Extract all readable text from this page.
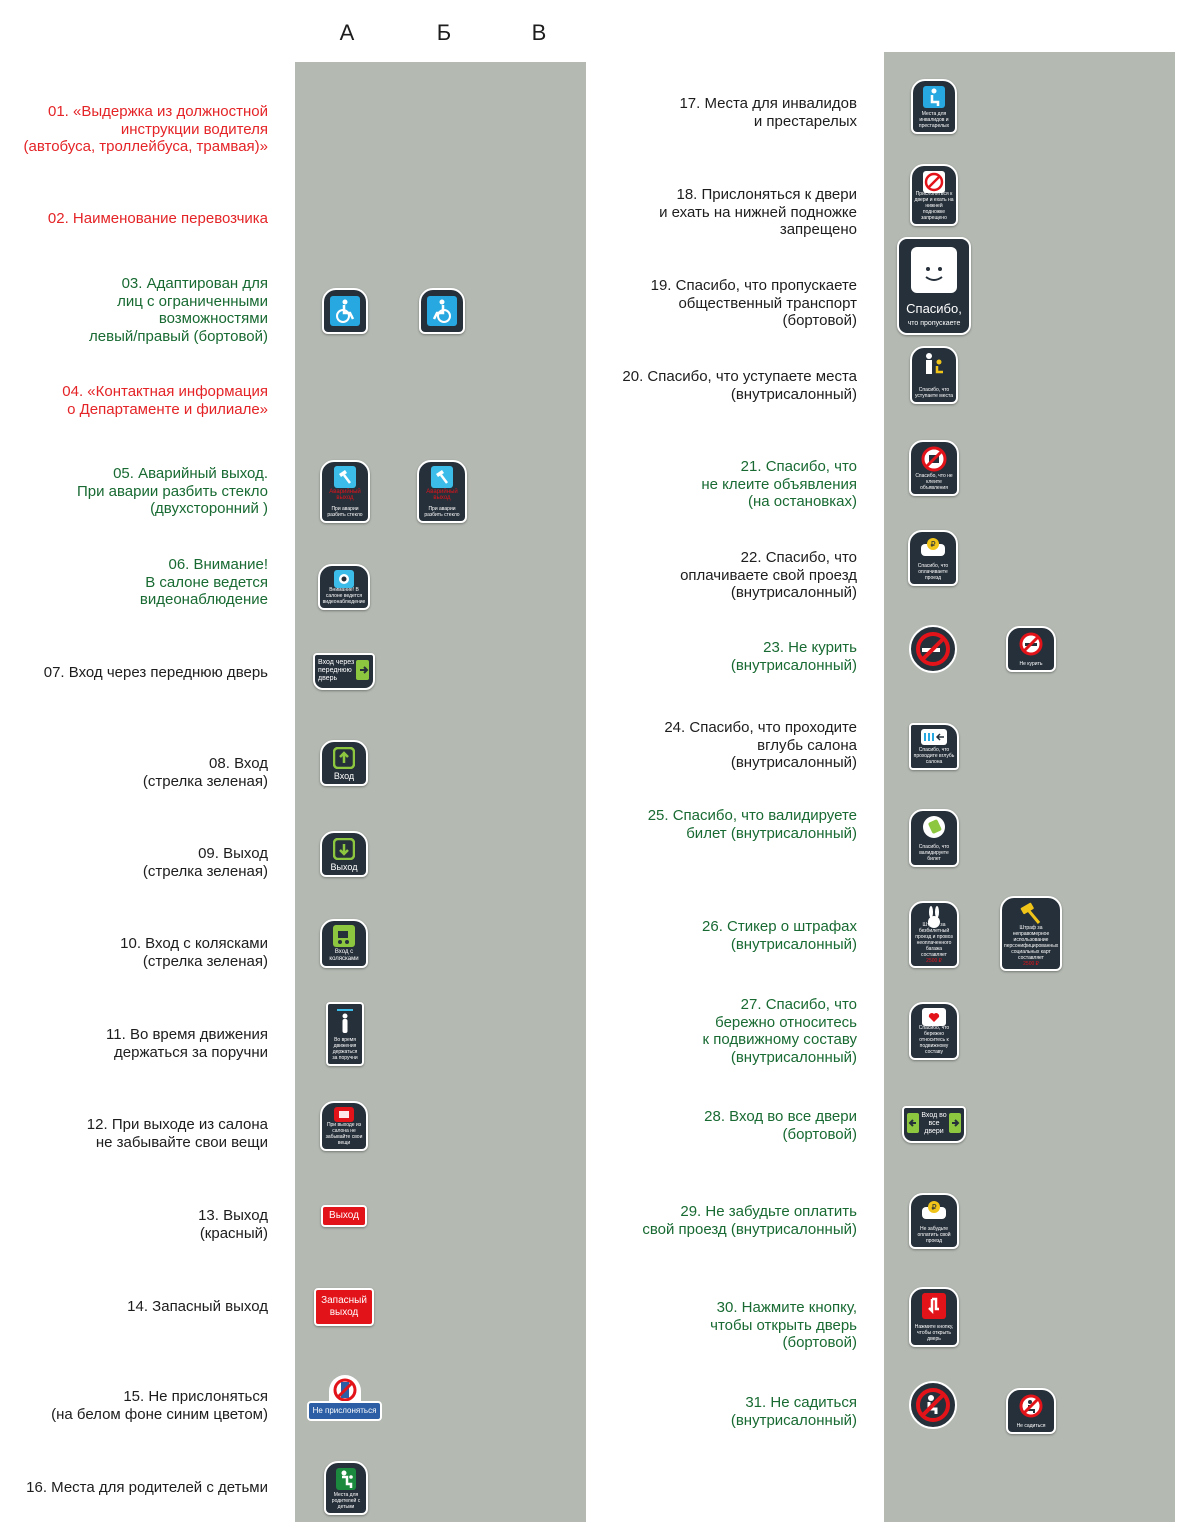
А	Б	В
01. «Выдержка из должностной
инструкции водителя
(автобуса, троллейбуса, трамвая)»
02. Наименование перевозчика
03. Адаптирован для
лиц с ограниченными
возможностями
левый/правый (бортовой)
04. «Контактная информация
о Департаменте и филиале»
05. Аварийный выход.
При аварии разбить стекло
(двухсторонний )
06. Внимание!
В салоне ведется
видеонаблюдение
07. Вход через переднюю дверь
08. Вход
(стрелка зеленая)
09. Выход
(стрелка зеленая)
10. Вход с колясками
(стрелка зеленая)
11. Во время движения
держаться за поручни
12. При выходе из салона
не забывайте свои вещи
13. Выход
(красный)
14. Запасный выход
15. Не прислоняться
(на белом фоне синим цветом)
16. Места для родителей с детьми
17. Места для инвалидов
и престарелых
18. Прислоняться к двери
и ехать на нижней подножке
запрещено
19. Спасибо, что пропускаете
общественный транспорт
(бортовой)
20. Спасибо, что уступаете места
(внутрисалонный)
21. Спасибо, что
не клеите объявления
(на остановках)
22. Спасибо, что
оплачиваете свой проезд
(внутрисалонный)
23. Не курить
(внутрисалонный)
24. Спасибо, что проходите
вглубь салона
(внутрисалонный)
25. Спасибо, что валидируете
билет (внутрисалонный)
26. Стикер о штрафах
(внутрисалонный)
27. Спасибо, что
бережно относитесь
к подвижному составу
(внутрисалонный)
28. Вход во все двери
(бортовой)
29. Не забудьте оплатить
свой проезд (внутрисалонный)
30. Нажмите кнопку,
чтобы открыть дверь
(бортовой)
31. Не садиться
(внутрисалонный)
Аварийный выход
При аварии разбить стекло
Аварийный выход
При аварии разбить стекло
Внимание! В салоне ведется видеонаблюдение
Вход через переднюю дверь
Вход
Выход
Вход с колясками
Во время движения держаться за поручни
При выходе из салона не забывайте свои вещи
Выход
Запасный выход
Не прислоняться
Места для родителей с детьми
Места для инвалидов и престарелых
Прислоняться к двери и ехать на нижней подножке запрещено
Спасибо,
что пропускаете
Спасибо, что уступаете места
Спасибо, что не клеите объявления
₽
Спасибо, что оплачиваете проезд
Не курить
Спасибо, что проходите вглубь салона
Спасибо, что валидируете билет
Штраф за безбилетный проезд и провоз неоплаченного багажа составляет
2500 ₽
Штраф за неправомерное использование персонифицированных социальных карт составляет
2500 ₽
Спасибо, что бережно относитесь к подвижному составу
Вход во все двери
₽
Не забудьте оплатить свой проезд
Нажмите кнопку, чтобы открыть дверь
Не садиться
